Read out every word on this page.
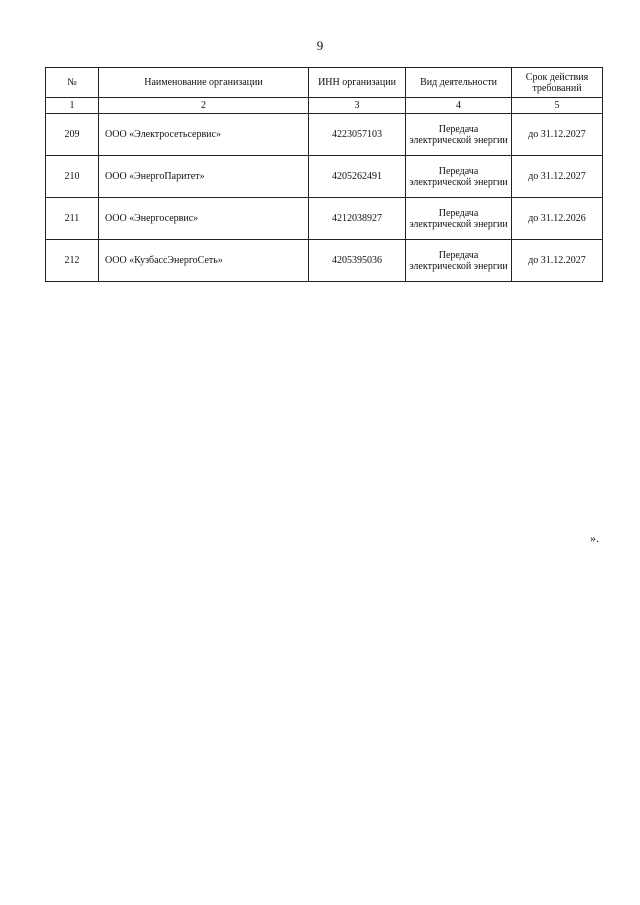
9
№	Наименование организации	ИНН организации	Вид деятельности	Срок действия требований
1	2	3	4	5
209	ООО «Электросетьсервис»	4223057103	Передача электрической энергии	до 31.12.2027
210	ООО «ЭнергоПаритет»	4205262491	Передача электрической энергии	до 31.12.2027
211	ООО «Энергосервис»	4212038927	Передача электрической энергии	до 31.12.2026
212	ООО «КузбассЭнергоСеть»	4205395036	Передача электрической энергии	до 31.12.2027
».
